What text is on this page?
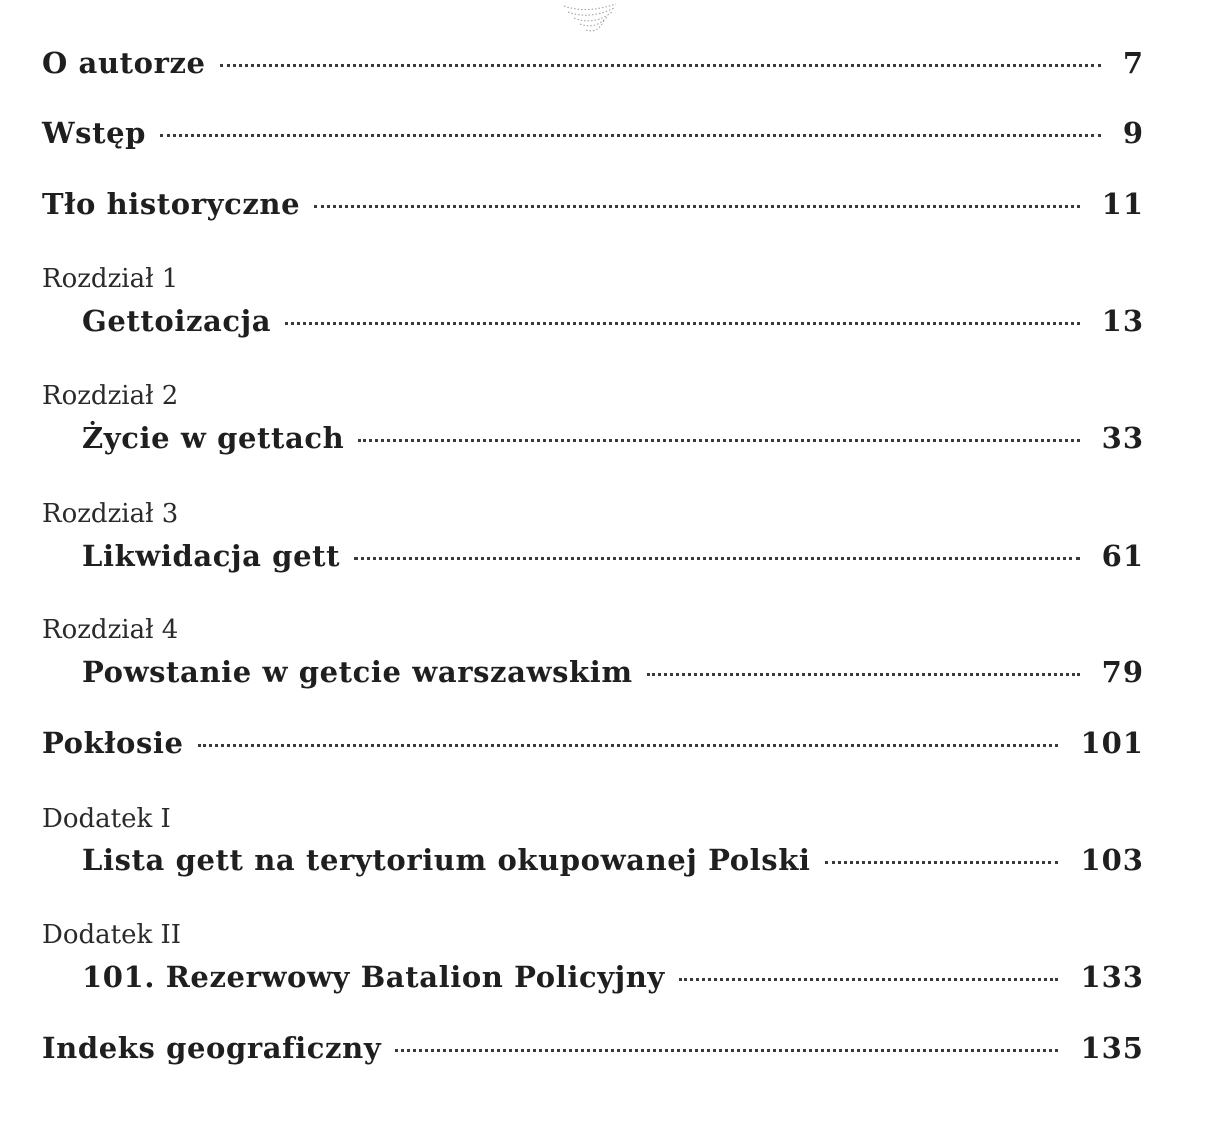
O autorze	7
Wstęp	9
Tło historyczne	11
Rozdział 1
Gettoizacja	13
Rozdział 2
Życie w gettach	33
Rozdział 3
Likwidacja gett	61
Rozdział 4
Powstanie w getcie warszawskim	79
Pokłosie	101
Dodatek I
Lista gett na terytorium okupowanej Polski	103
Dodatek II
101. Rezerwowy Batalion Policyjny	133
Indeks geograficzny	135
